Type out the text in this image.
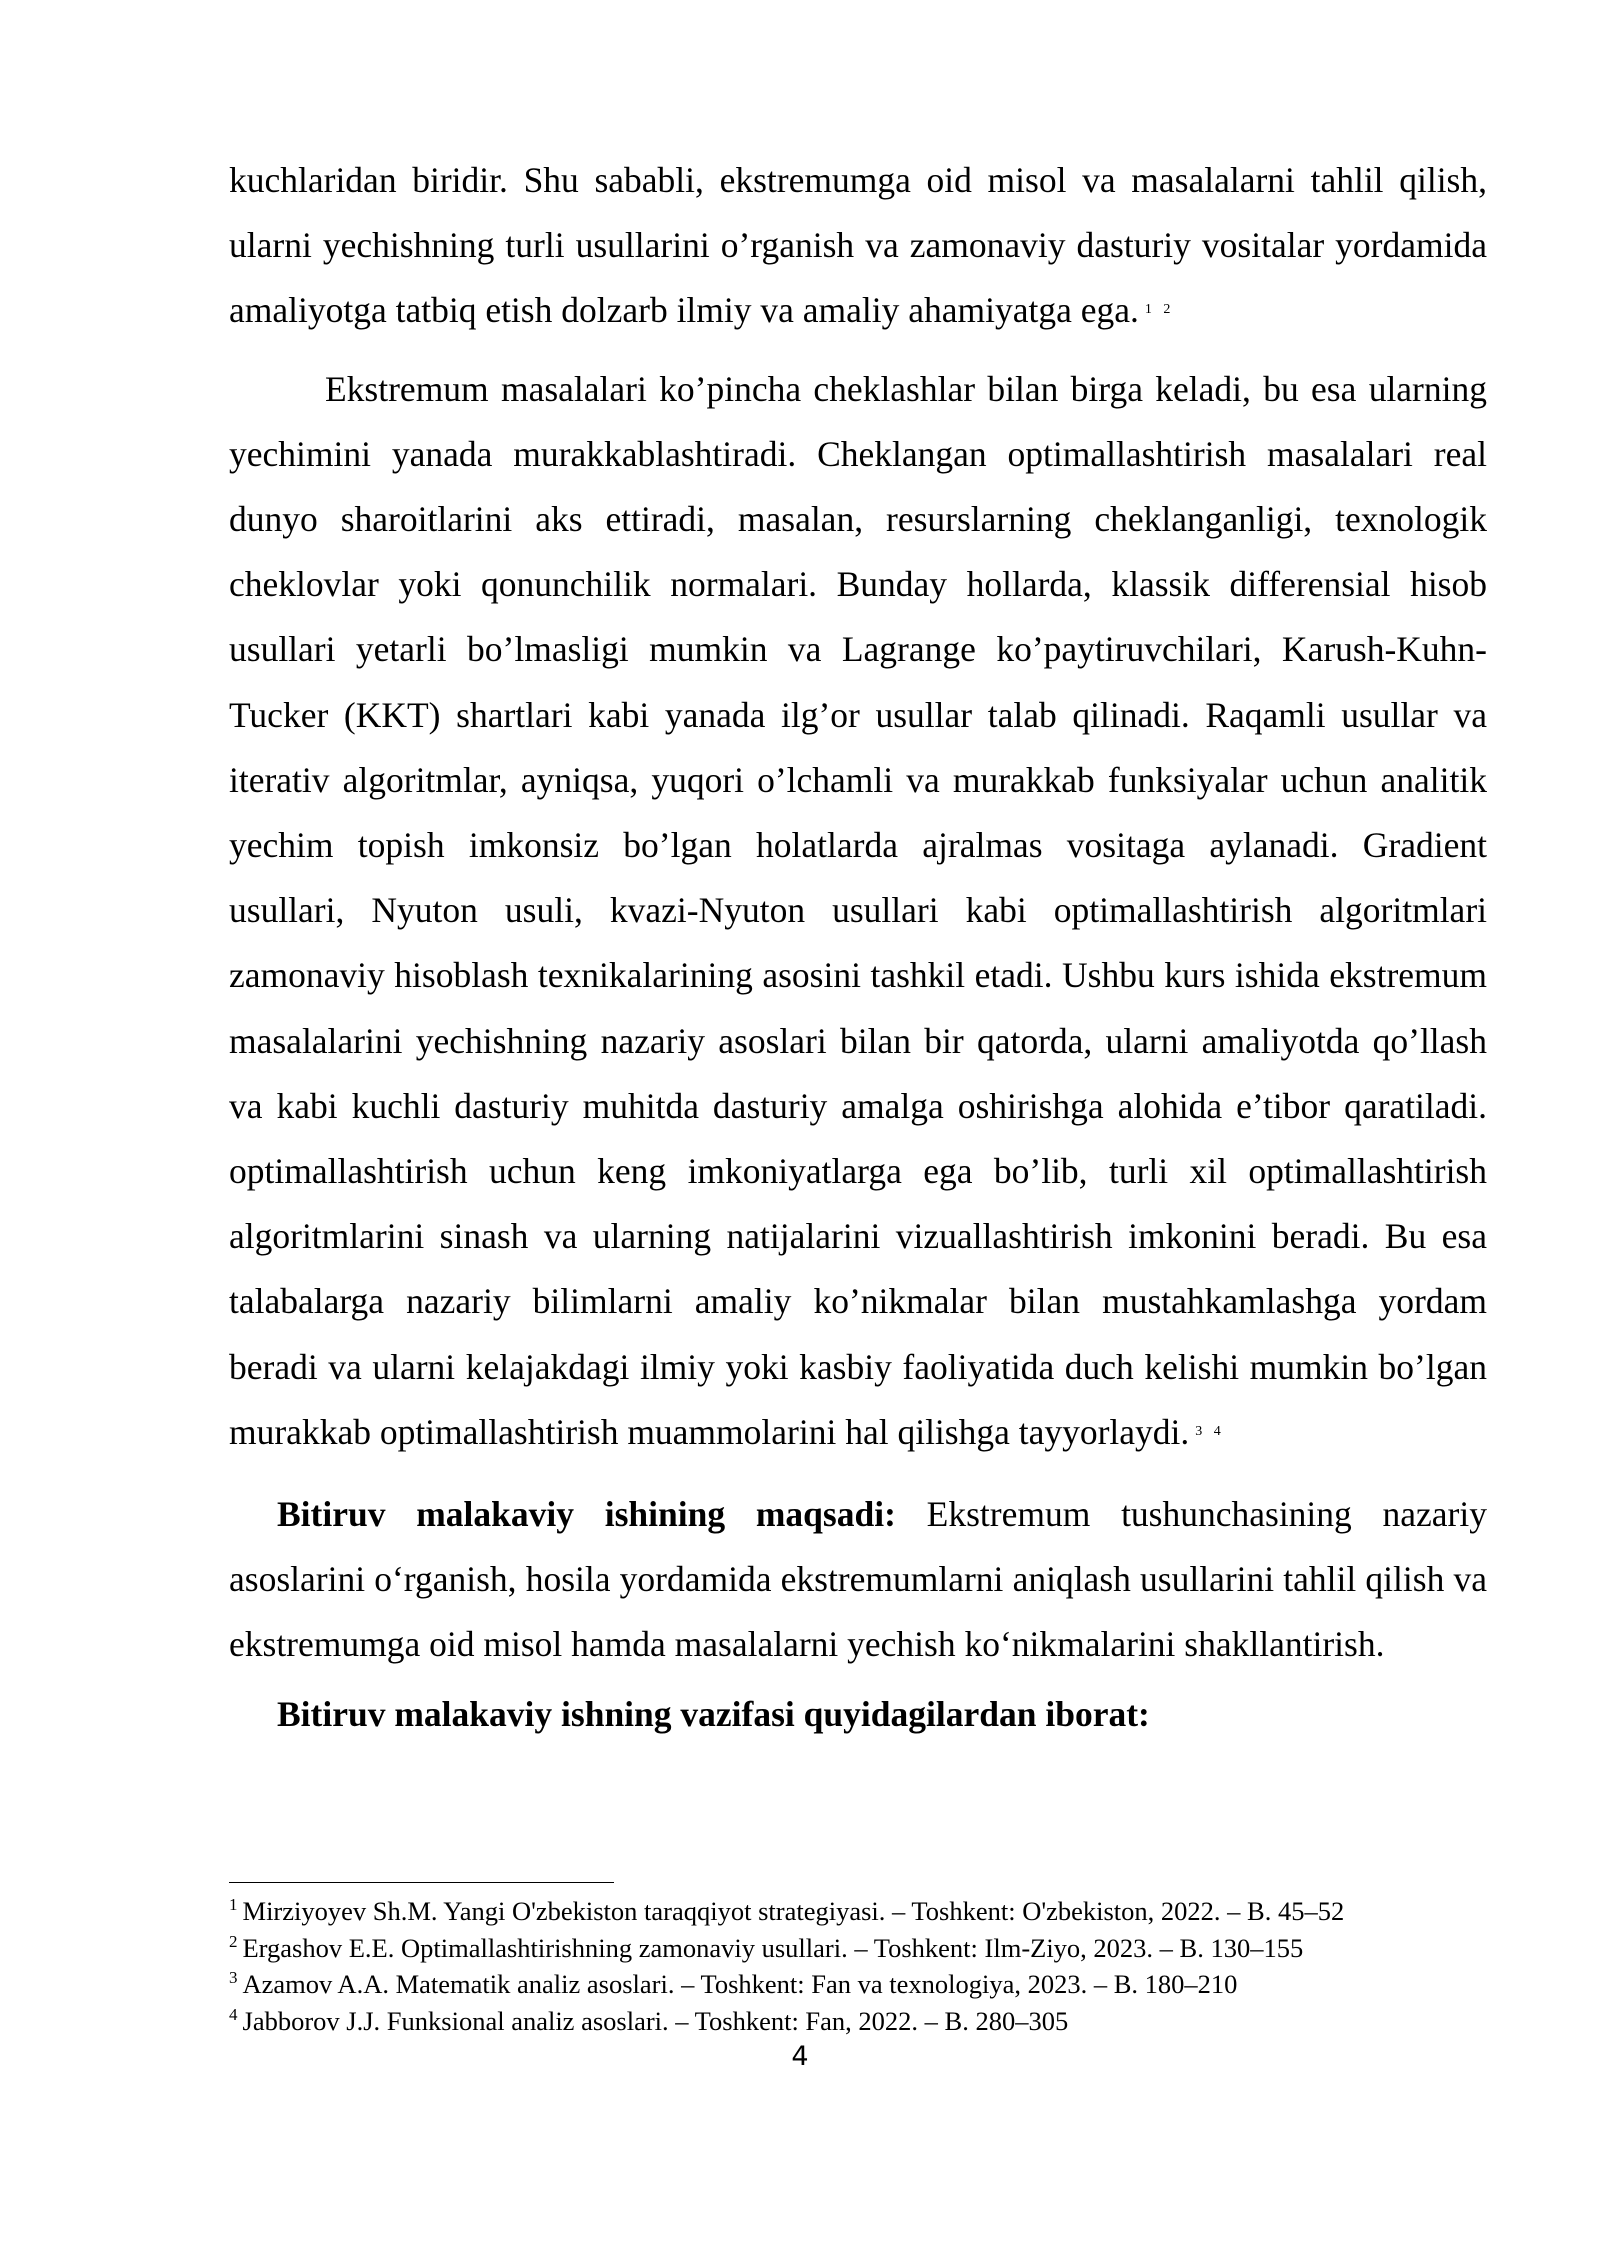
kuchlaridan biridir. Shu sababli, ekstremumga oid misol va masalalarni tahlil qilish, ularni yechishning turli usullarini o’rganish va zamonaviy dasturiy vositalar yordamida amaliyotga tatbiq etish dolzarb ilmiy va amaliy ahamiyatga ega. $^{1 2}$

Ekstremum masalalari ko’pincha cheklashlar bilan birga keladi, bu esa ularning yechimini yanada murakkablashtiradi. Cheklangan optimallashtirish masalalari real dunyo sharoitlarini aks ettiradi, masalan, resurslarning cheklanganligi, texnologik cheklovlar yoki qonunchilik normalari. Bunday hollarda, klassik differensial hisob usullari yetarli bo’lmasligi mumkin va Lagrange ko’paytiruvchilari, Karush-Kuhn-Tucker (KKT) shartlari kabi yanada ilg’or usullar talab qilinadi. Raqamli usullar va iterativ algoritmlar, ayniqsa, yuqori o’lchamli va murakkab funksiyalar uchun analitik yechim topish imkonsiz bo’lgan holatlarda ajralmas vositaga aylanadi. Gradient usullari, Nyuton usuli, kvazi-Nyuton usullari kabi optimallashtirish algoritmlari zamonaviy hisoblash texnikalarining asosini tashkil etadi. Ushbu kurs ishida ekstremum masalalarini yechishning nazariy asoslari bilan bir qatorda, ularni amaliyotda qo’llash va kabi kuchli dasturiy muhitda dasturiy amalga oshirishga alohida e’tibor qaratiladi. optimallashtirish uchun keng imkoniyatlarga ega bo’lib, turli xil optimallashtirish algoritmlarini sinash va ularning natijalarini vizuallashtirish imkonini beradi. Bu esa talabalarga nazariy bilimlarni amaliy ko’nikmalar bilan mustahkamlashga yordam beradi va ularni kelajakdagi ilmiy yoki kasbiy faoliyatida duch kelishi mumkin bo’lgan murakkab optimallashtirish muammolarini hal qilishga tayyorlaydi. $^{3 4}$

Bitiruv malakaviy ishining maqsadi: Ekstremum tushunchasining nazariy asoslarini o‘rganish, hosila yordamida ekstremumlarni aniqlash usullarini tahlil qilish va ekstremumga oid misol hamda masalalarni yechish ko‘nikmalarini shakllantirish.

Bitiruv malakaviy ishning vazifasi quyidagilardan iborat:

$^1$ Mirziyoyev Sh.M. Yangi O'zbekiston taraqqiyot strategiyasi. – Toshkent: O'zbekiston, 2022. – B. 45–52

$^2$ Ergashov E.E. Optimallashtirishning zamonaviy usullari. – Toshkent: Ilm-Ziyo, 2023. – B. 130–155

$^3$ Azamov A.A. Matematik analiz asoslari. – Toshkent: Fan va texnologiya, 2023. – B. 180–210

$^4$ Jabborov J.J. Funksional analiz asoslari. – Toshkent: Fan, 2022. – B. 280–305

4
